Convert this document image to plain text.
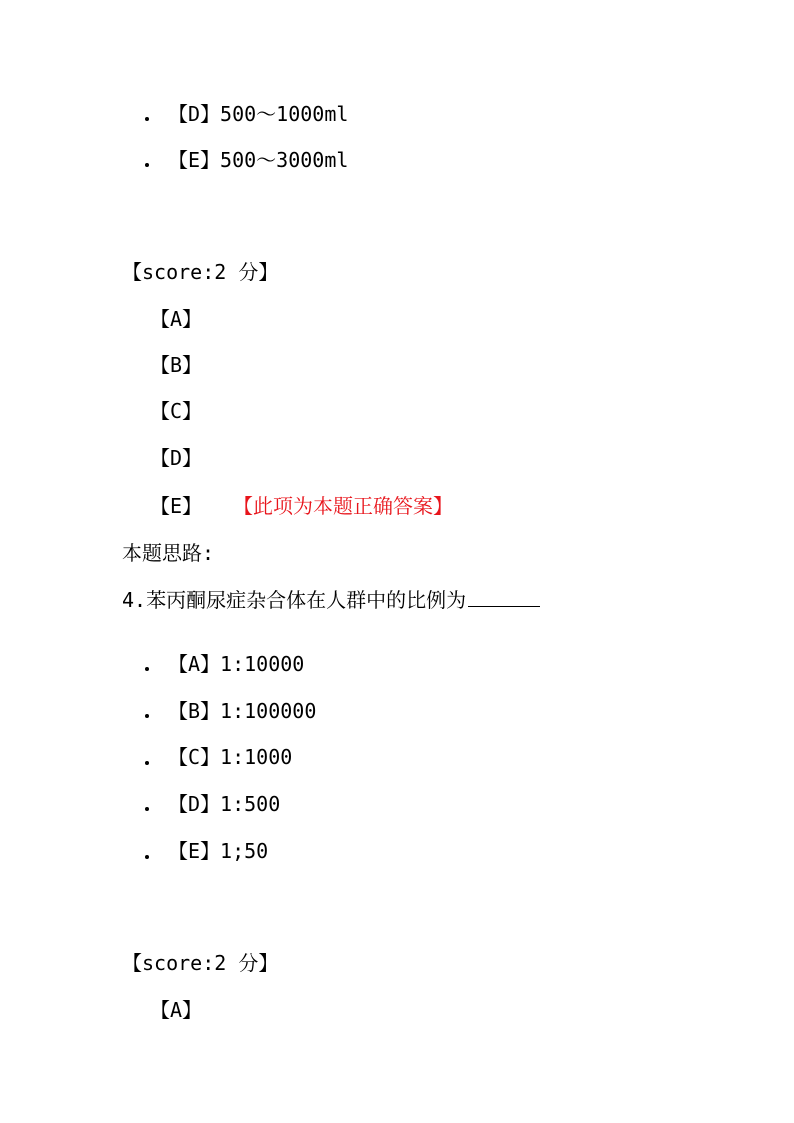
【D】500～1000ml
【E】500～3000ml
【score:2 分】
【A】
【B】
【C】
【D】
【E】 【此项为本题正确答案】
本题思路:
4.苯丙酮尿症杂合体在人群中的比例为
【A】1:10000
【B】1:100000
【C】1:1000
【D】1:500
【E】1;50
【score:2 分】
【A】
